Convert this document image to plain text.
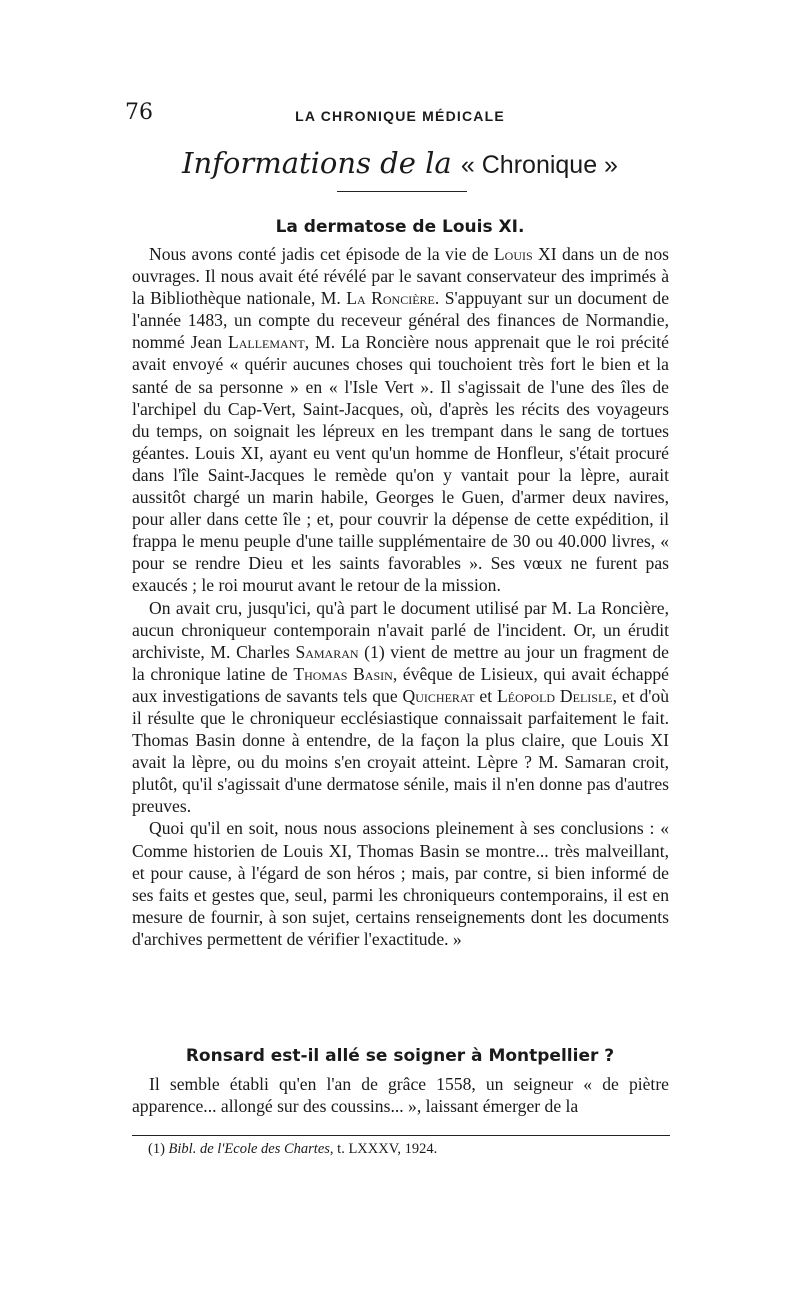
76	LA CHRONIQUE MÉDICALE
Informations de la « Chronique »
La dermatose de Louis XI.

Nous avons conté jadis cet épisode de la vie de Louis XI dans un de nos ouvrages. Il nous avait été révélé par le savant conservateur des imprimés à la Bibliothèque nationale, M. La Roncière. S'appuyant sur un document de l'année 1483, un compte du receveur général des finances de Normandie, nommé Jean Lallemant, M. La Roncière nous apprenait que le roi précité avait envoyé « quérir aucunes choses qui touchoient très fort le bien et la santé de sa personne » en « l'Isle Vert ». Il s'agissait de l'une des îles de l'archipel du Cap-Vert, Saint-Jacques, où, d'après les récits des voyageurs du temps, on soignait les lépreux en les trempant dans le sang de tortues géantes. Louis XI, ayant eu vent qu'un homme de Honfleur, s'était procuré dans l'île Saint-Jacques le remède qu'on y vantait pour la lèpre, aurait aussitôt chargé un marin habile, Georges le Guen, d'armer deux navires, pour aller dans cette île ; et, pour couvrir la dépense de cette expédition, il frappa le menu peuple d'une taille supplémentaire de 30 ou 40.000 livres, « pour se rendre Dieu et les saints favorables ». Ses vœux ne furent pas exaucés ; le roi mourut avant le retour de la mission.

On avait cru, jusqu'ici, qu'à part le document utilisé par M. La Roncière, aucun chroniqueur contemporain n'avait parlé de l'incident. Or, un érudit archiviste, M. Charles Samaran (1) vient de mettre au jour un fragment de la chronique latine de Thomas Basin, évêque de Lisieux, qui avait échappé aux investigations de savants tels que Quicherat et Léopold Delisle, et d'où il résulte que le chroniqueur ecclésiastique connaissait parfaitement le fait. Thomas Basin donne à entendre, de la façon la plus claire, que Louis XI avait la lèpre, ou du moins s'en croyait atteint. Lèpre ? M. Samaran croit, plutôt, qu'il s'agissait d'une dermatose sénile, mais il n'en donne pas d'autres preuves.

Quoi qu'il en soit, nous nous associons pleinement à ses conclusions : « Comme historien de Louis XI, Thomas Basin se montre... très malveillant, et pour cause, à l'égard de son héros ; mais, par contre, si bien informé de ses faits et gestes que, seul, parmi les chroniqueurs contemporains, il est en mesure de fournir, à son sujet, certains renseignements dont les documents d'archives permettent de vérifier l'exactitude. »

Ronsard est-il allé se soigner à Montpellier ?

Il semble établi qu'en l'an de grâce 1558, un seigneur « de piètre apparence... allongé sur des coussins... », laissant émerger de la

(1) Bibl. de l'Ecole des Chartes, t. LXXXV, 1924.
